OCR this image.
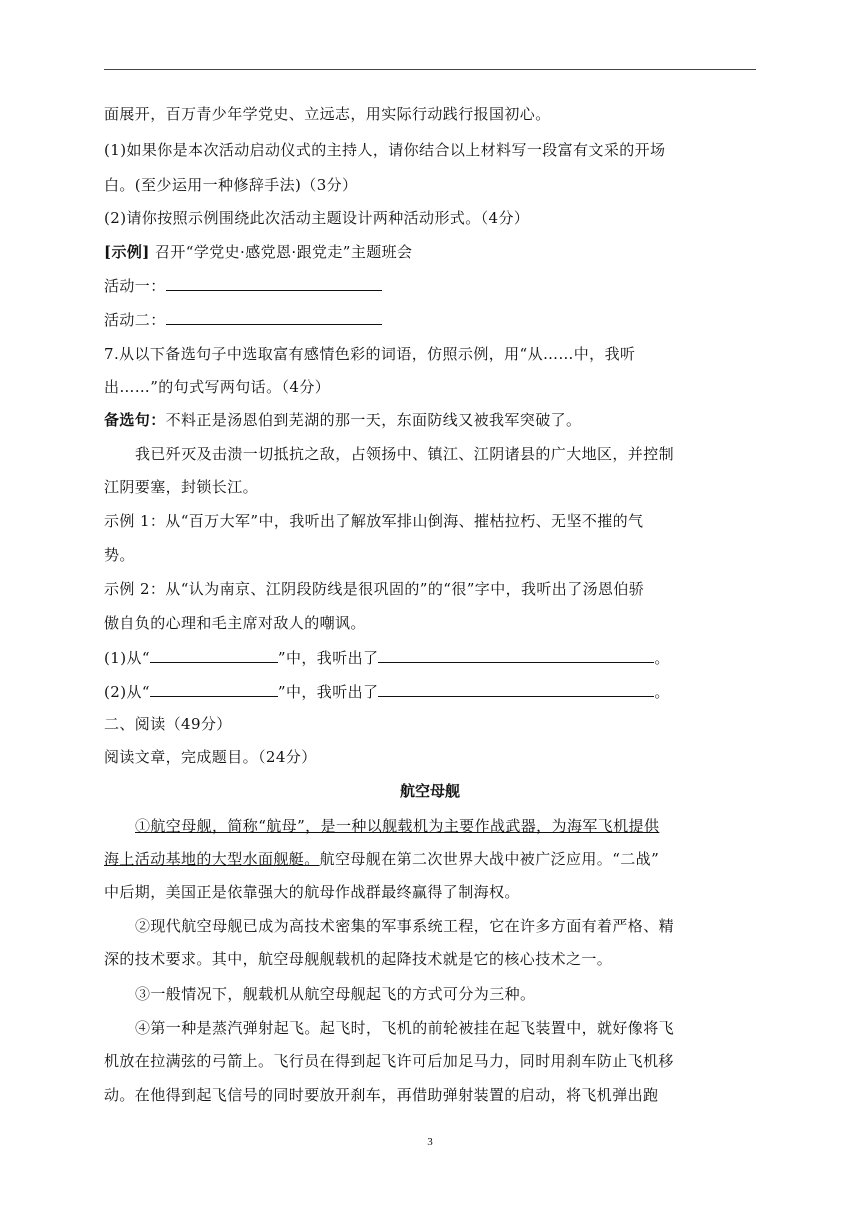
面展开，百万青少年学党史、立远志，用实际行动践行报国初心。
(1)如果你是本次活动启动仪式的主持人，请你结合以上材料写一段富有文采的开场
白。(至少运用一种修辞手法)（3分）
(2)请你按照示例围绕此次活动主题设计两种活动形式。（4分）
[示例] 召开“学党史·感党恩·跟党走”主题班会
活动一：
活动二：
7.从以下备选句子中选取富有感情色彩的词语，仿照示例，用“从……中，我听
出……”的句式写两句话。（4分）
备选句：不料正是汤恩伯到芜湖的那一天，东面防线又被我军突破了。
我已歼灭及击溃一切抵抗之敌，占领扬中、镇江、江阴诸县的广大地区，并控制
江阴要塞，封锁长江。
示例 1：从“百万大军”中，我听出了解放军排山倒海、摧枯拉朽、无坚不摧的气
势。
示例 2：从“认为南京、江阴段防线是很巩固的”的“很”字中，我听出了汤恩伯骄
傲自负的心理和毛主席对敌人的嘲讽。
(1)从“	”中，我听出了	。
(2)从“	”中，我听出了	。
二、阅读（49分）
阅读文章，完成题目。（24分）
航空母舰
①航空母舰，简称“航母”，是一种以舰载机为主要作战武器，为海军飞机提供
海上活动基地的大型水面舰艇。航空母舰在第二次世界大战中被广泛应用。“二战”
中后期，美国正是依靠强大的航母作战群最终赢得了制海权。
②现代航空母舰已成为高技术密集的军事系统工程，它在许多方面有着严格、精
深的技术要求。其中，航空母舰舰载机的起降技术就是它的核心技术之一。
③一般情况下，舰载机从航空母舰起飞的方式可分为三种。
④第一种是蒸汽弹射起飞。起飞时，飞机的前轮被挂在起飞装置中，就好像将飞
机放在拉满弦的弓箭上。飞行员在得到起飞许可后加足马力，同时用刹车防止飞机移
动。在他得到起飞信号的同时要放开刹车，再借助弹射装置的启动，将飞机弹出跑
3
